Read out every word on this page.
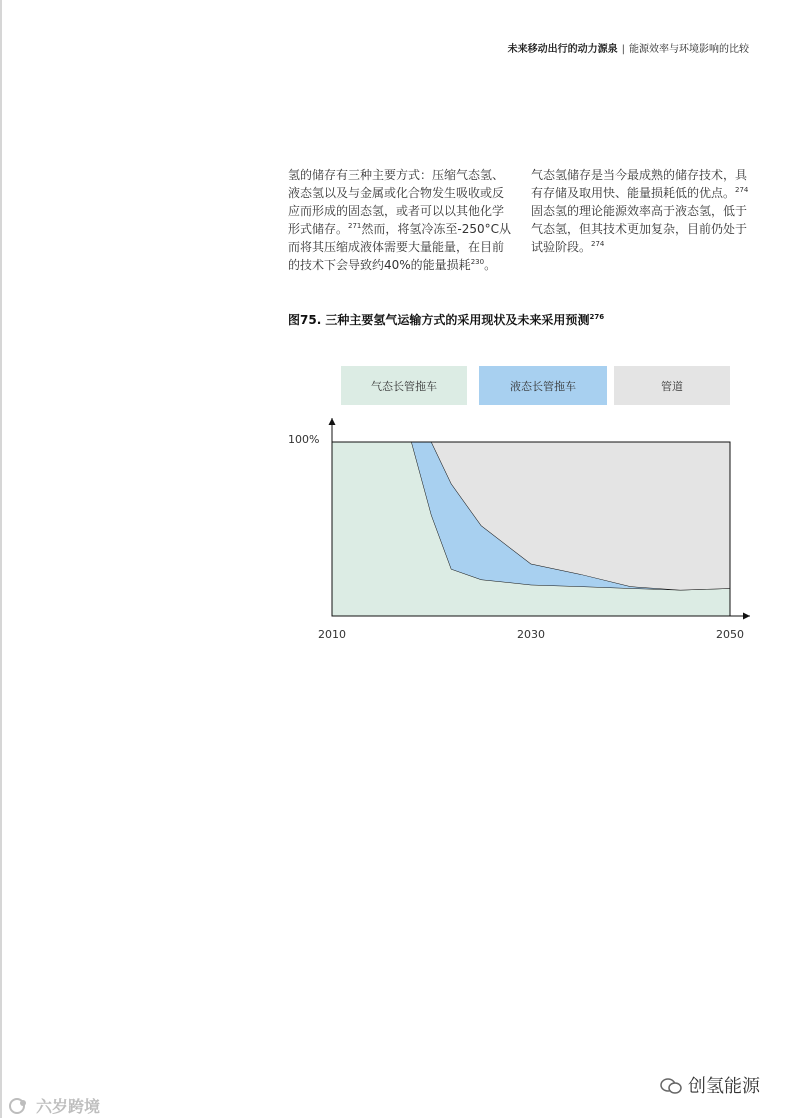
未来移动出行的动力源泉 | 能源效率与环境影响的比较
氢的储存有三种主要方式：压缩气态氢、液态氢以及与金属或化合物发生吸收或反应而形成的固态氢，或者可以以其他化学形式储存。$^{271}$然而，将氢冷冻至-250°C从而将其压缩成液体需要大量能量，在目前的技术下会导致约40%的能量损耗$^{230}$。
气态氢储存是当今最成熟的储存技术，具有存储及取用快、能量损耗低的优点。$^{274}$
固态氢的理论能源效率高于液态氢，低于气态氢，但其技术更加复杂，目前仍处于试验阶段。$^{274}$
图75. 三种主要氢气运输方式的采用现状及未来采用预测$^{276}$
100%
2010	2030	2050
气态长管拖车	液态长管拖车	管道
六岁跨境
创氢能源
